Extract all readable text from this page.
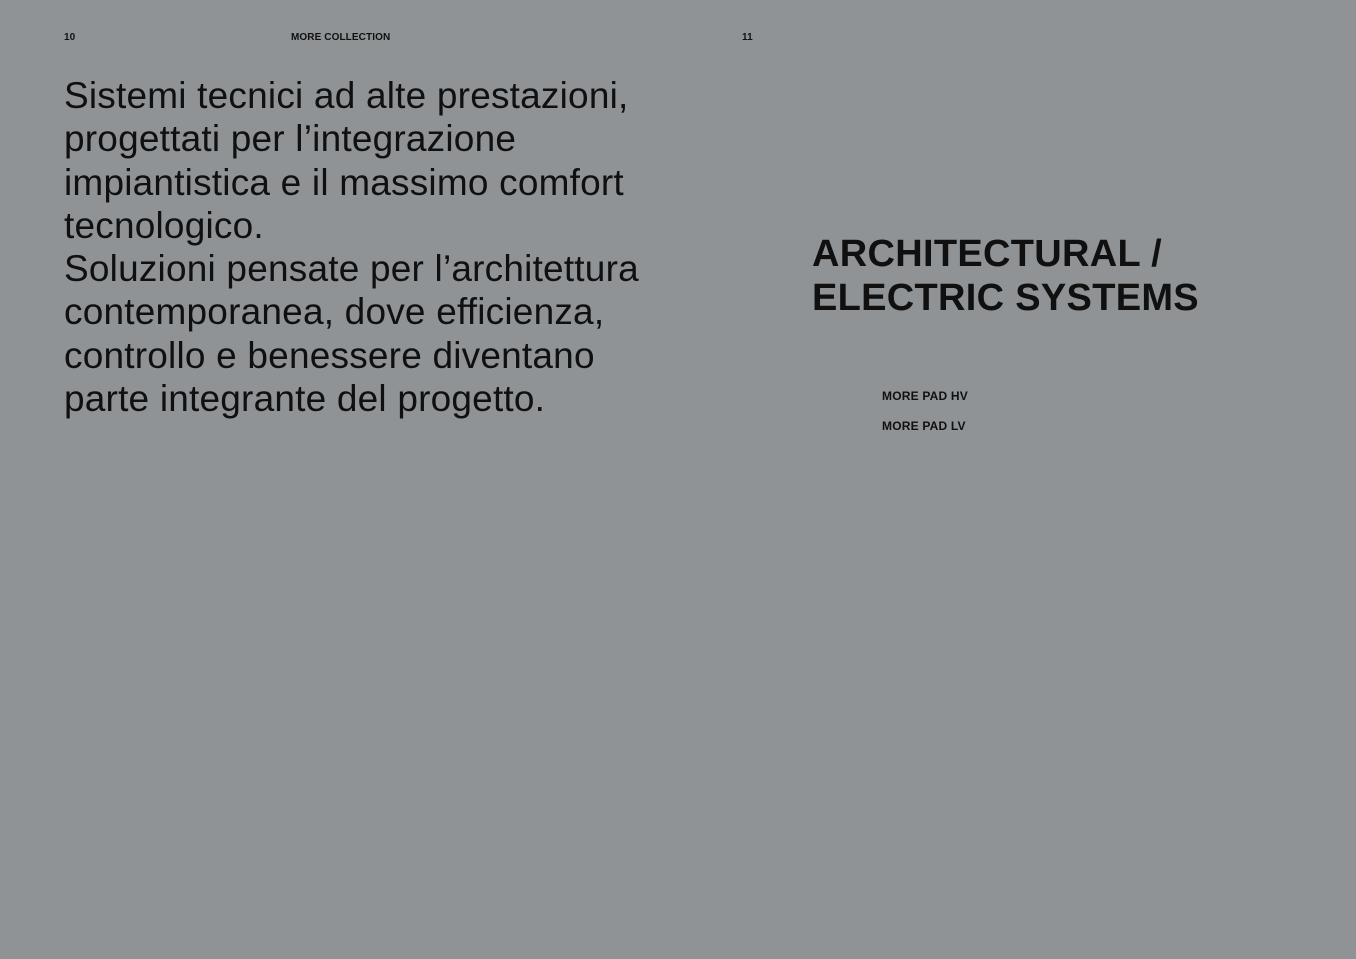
10	MORE COLLECTION

Sistemi tecnici ad alte prestazioni, progettati per l’integrazione impiantistica e il massimo comfort tecnologico.

Soluzioni pensate per l’architettura contemporanea, dove efficienza, controllo e benessere diventano parte integrante del progetto.

11
ARCHITECTURAL /
ELECTRIC SYSTEMS
MORE PAD HV
MORE PAD LV
